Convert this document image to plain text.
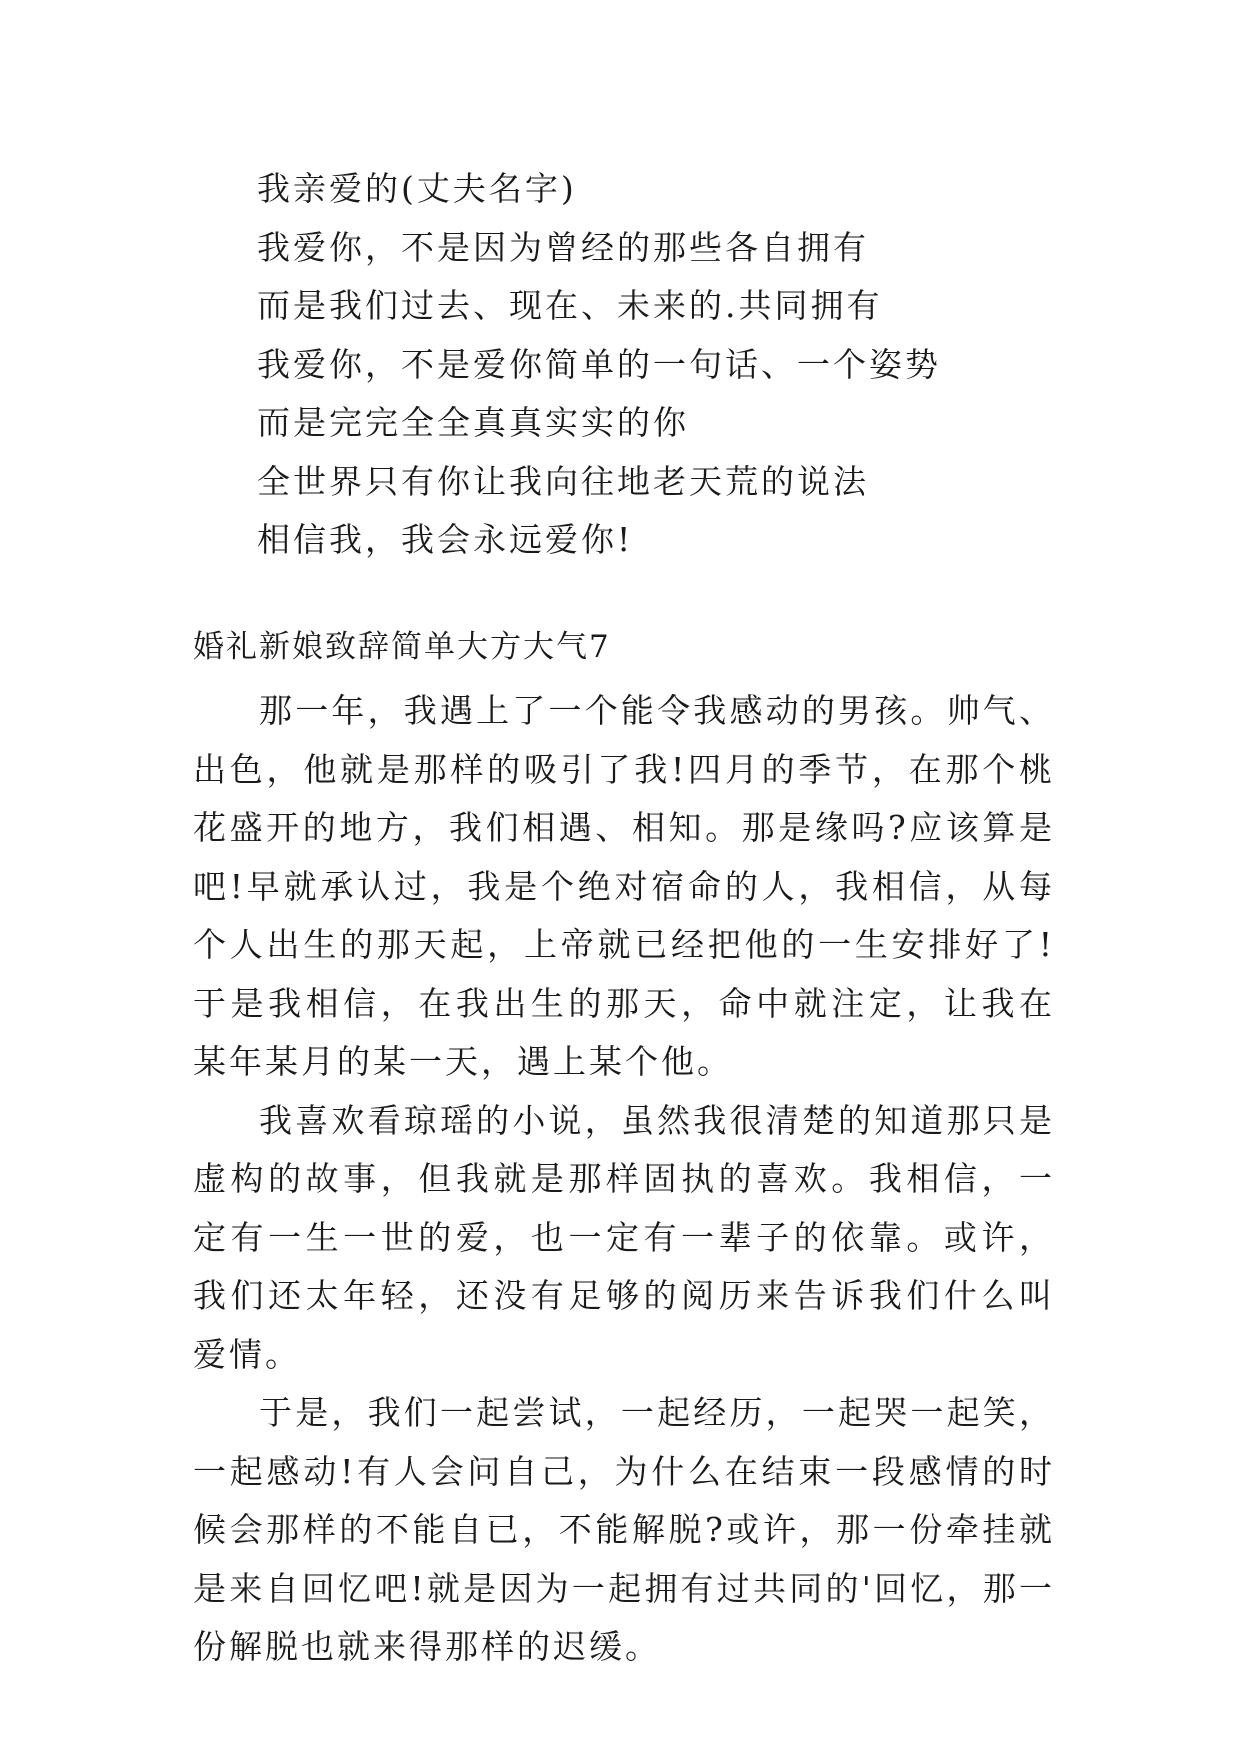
我亲爱的(丈夫名字)
我爱你，不是因为曾经的那些各自拥有
而是我们过去、现在、未来的.共同拥有
我爱你，不是爱你简单的一句话、一个姿势
而是完完全全真真实实的你
全世界只有你让我向往地老天荒的说法
相信我，我会永远爱你!
婚礼新娘致辞简单大方大气7

那一年，我遇上了一个能令我感动的男孩。帅气、出色，他就是那样的吸引了我!四月的季节，在那个桃花盛开的地方，我们相遇、相知。那是缘吗?应该算是吧!早就承认过，我是个绝对宿命的人，我相信，从每个人出生的那天起，上帝就已经把他的一生安排好了!于是我相信，在我出生的那天，命中就注定，让我在某年某月的某一天，遇上某个他。

我喜欢看琼瑶的小说，虽然我很清楚的知道那只是虚构的故事，但我就是那样固执的喜欢。我相信，一定有一生一世的爱，也一定有一辈子的依靠。或许，我们还太年轻，还没有足够的阅历来告诉我们什么叫爱情。

于是，我们一起尝试，一起经历，一起哭一起笑，一起感动!有人会问自己，为什么在结束一段感情的时候会那样的不能自已，不能解脱?或许，那一份牵挂就是来自回忆吧!就是因为一起拥有过共同的'回忆，那一份解脱也就来得那样的迟缓。
